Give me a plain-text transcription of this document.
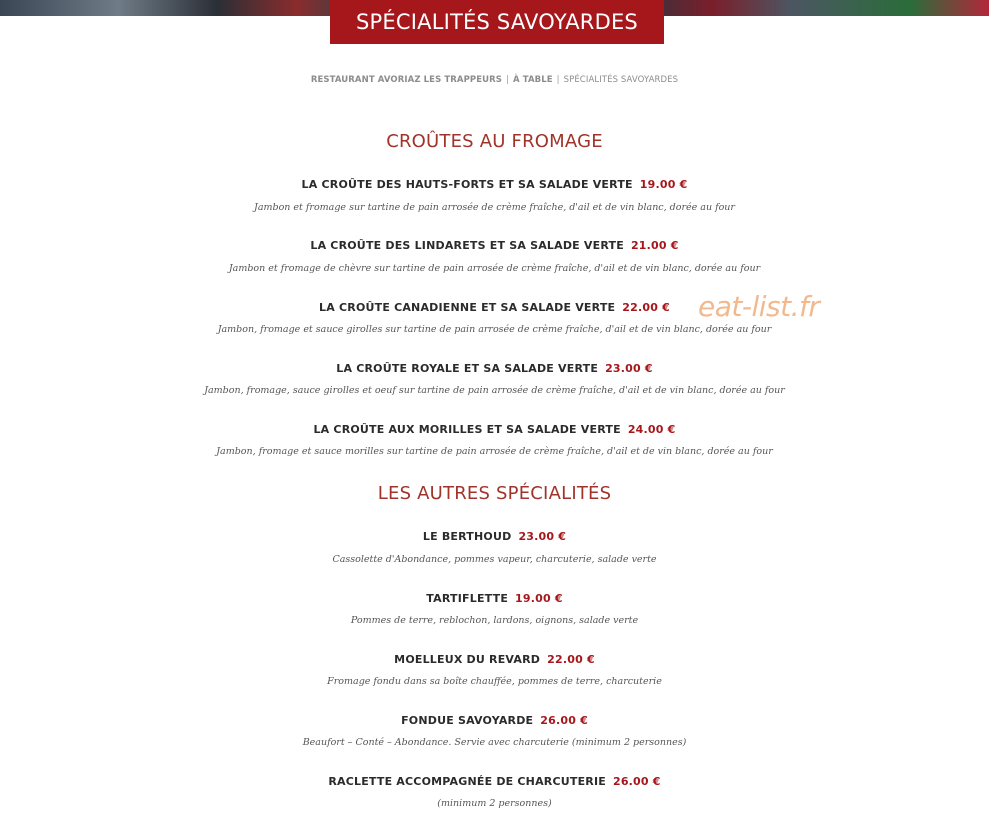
SPÉCIALITÉS SAVOYARDES
RESTAURANT AVORIAZ LES TRAPPEURS | À TABLE | SPÉCIALITÉS SAVOYARDES
CROÛTES AU FROMAGE
LA CROÛTE DES HAUTS-FORTS ET SA SALADE VERTE 19.00 €
Jambon et fromage sur tartine de pain arrosée de crème fraîche, d'ail et de vin blanc, dorée au four
LA CROÛTE DES LINDARETS ET SA SALADE VERTE 21.00 €
Jambon et fromage de chèvre sur tartine de pain arrosée de crème fraîche, d'ail et de vin blanc, dorée au four
LA CROÛTE CANADIENNE ET SA SALADE VERTE 22.00 €
Jambon, fromage et sauce girolles sur tartine de pain arrosée de crème fraîche, d'ail et de vin blanc, dorée au four
LA CROÛTE ROYALE ET SA SALADE VERTE 23.00 €
Jambon, fromage, sauce girolles et oeuf sur tartine de pain arrosée de crème fraîche, d'ail et de vin blanc, dorée au four
LA CROÛTE AUX MORILLES ET SA SALADE VERTE 24.00 €
Jambon, fromage et sauce morilles sur tartine de pain arrosée de crème fraîche, d'ail et de vin blanc, dorée au four
LES AUTRES SPÉCIALITÉS
LE BERTHOUD 23.00 €
Cassolette d'Abondance, pommes vapeur, charcuterie, salade verte
TARTIFLETTE 19.00 €
Pommes de terre, reblochon, lardons, oignons, salade verte
MOELLEUX DU REVARD 22.00 €
Fromage fondu dans sa boîte chauffée, pommes de terre, charcuterie
FONDUE SAVOYARDE 26.00 €
Beaufort – Conté – Abondance. Servie avec charcuterie (minimum 2 personnes)
RACLETTE ACCOMPAGNÉE DE CHARCUTERIE 26.00 €
(minimum 2 personnes)
eat-list.fr
